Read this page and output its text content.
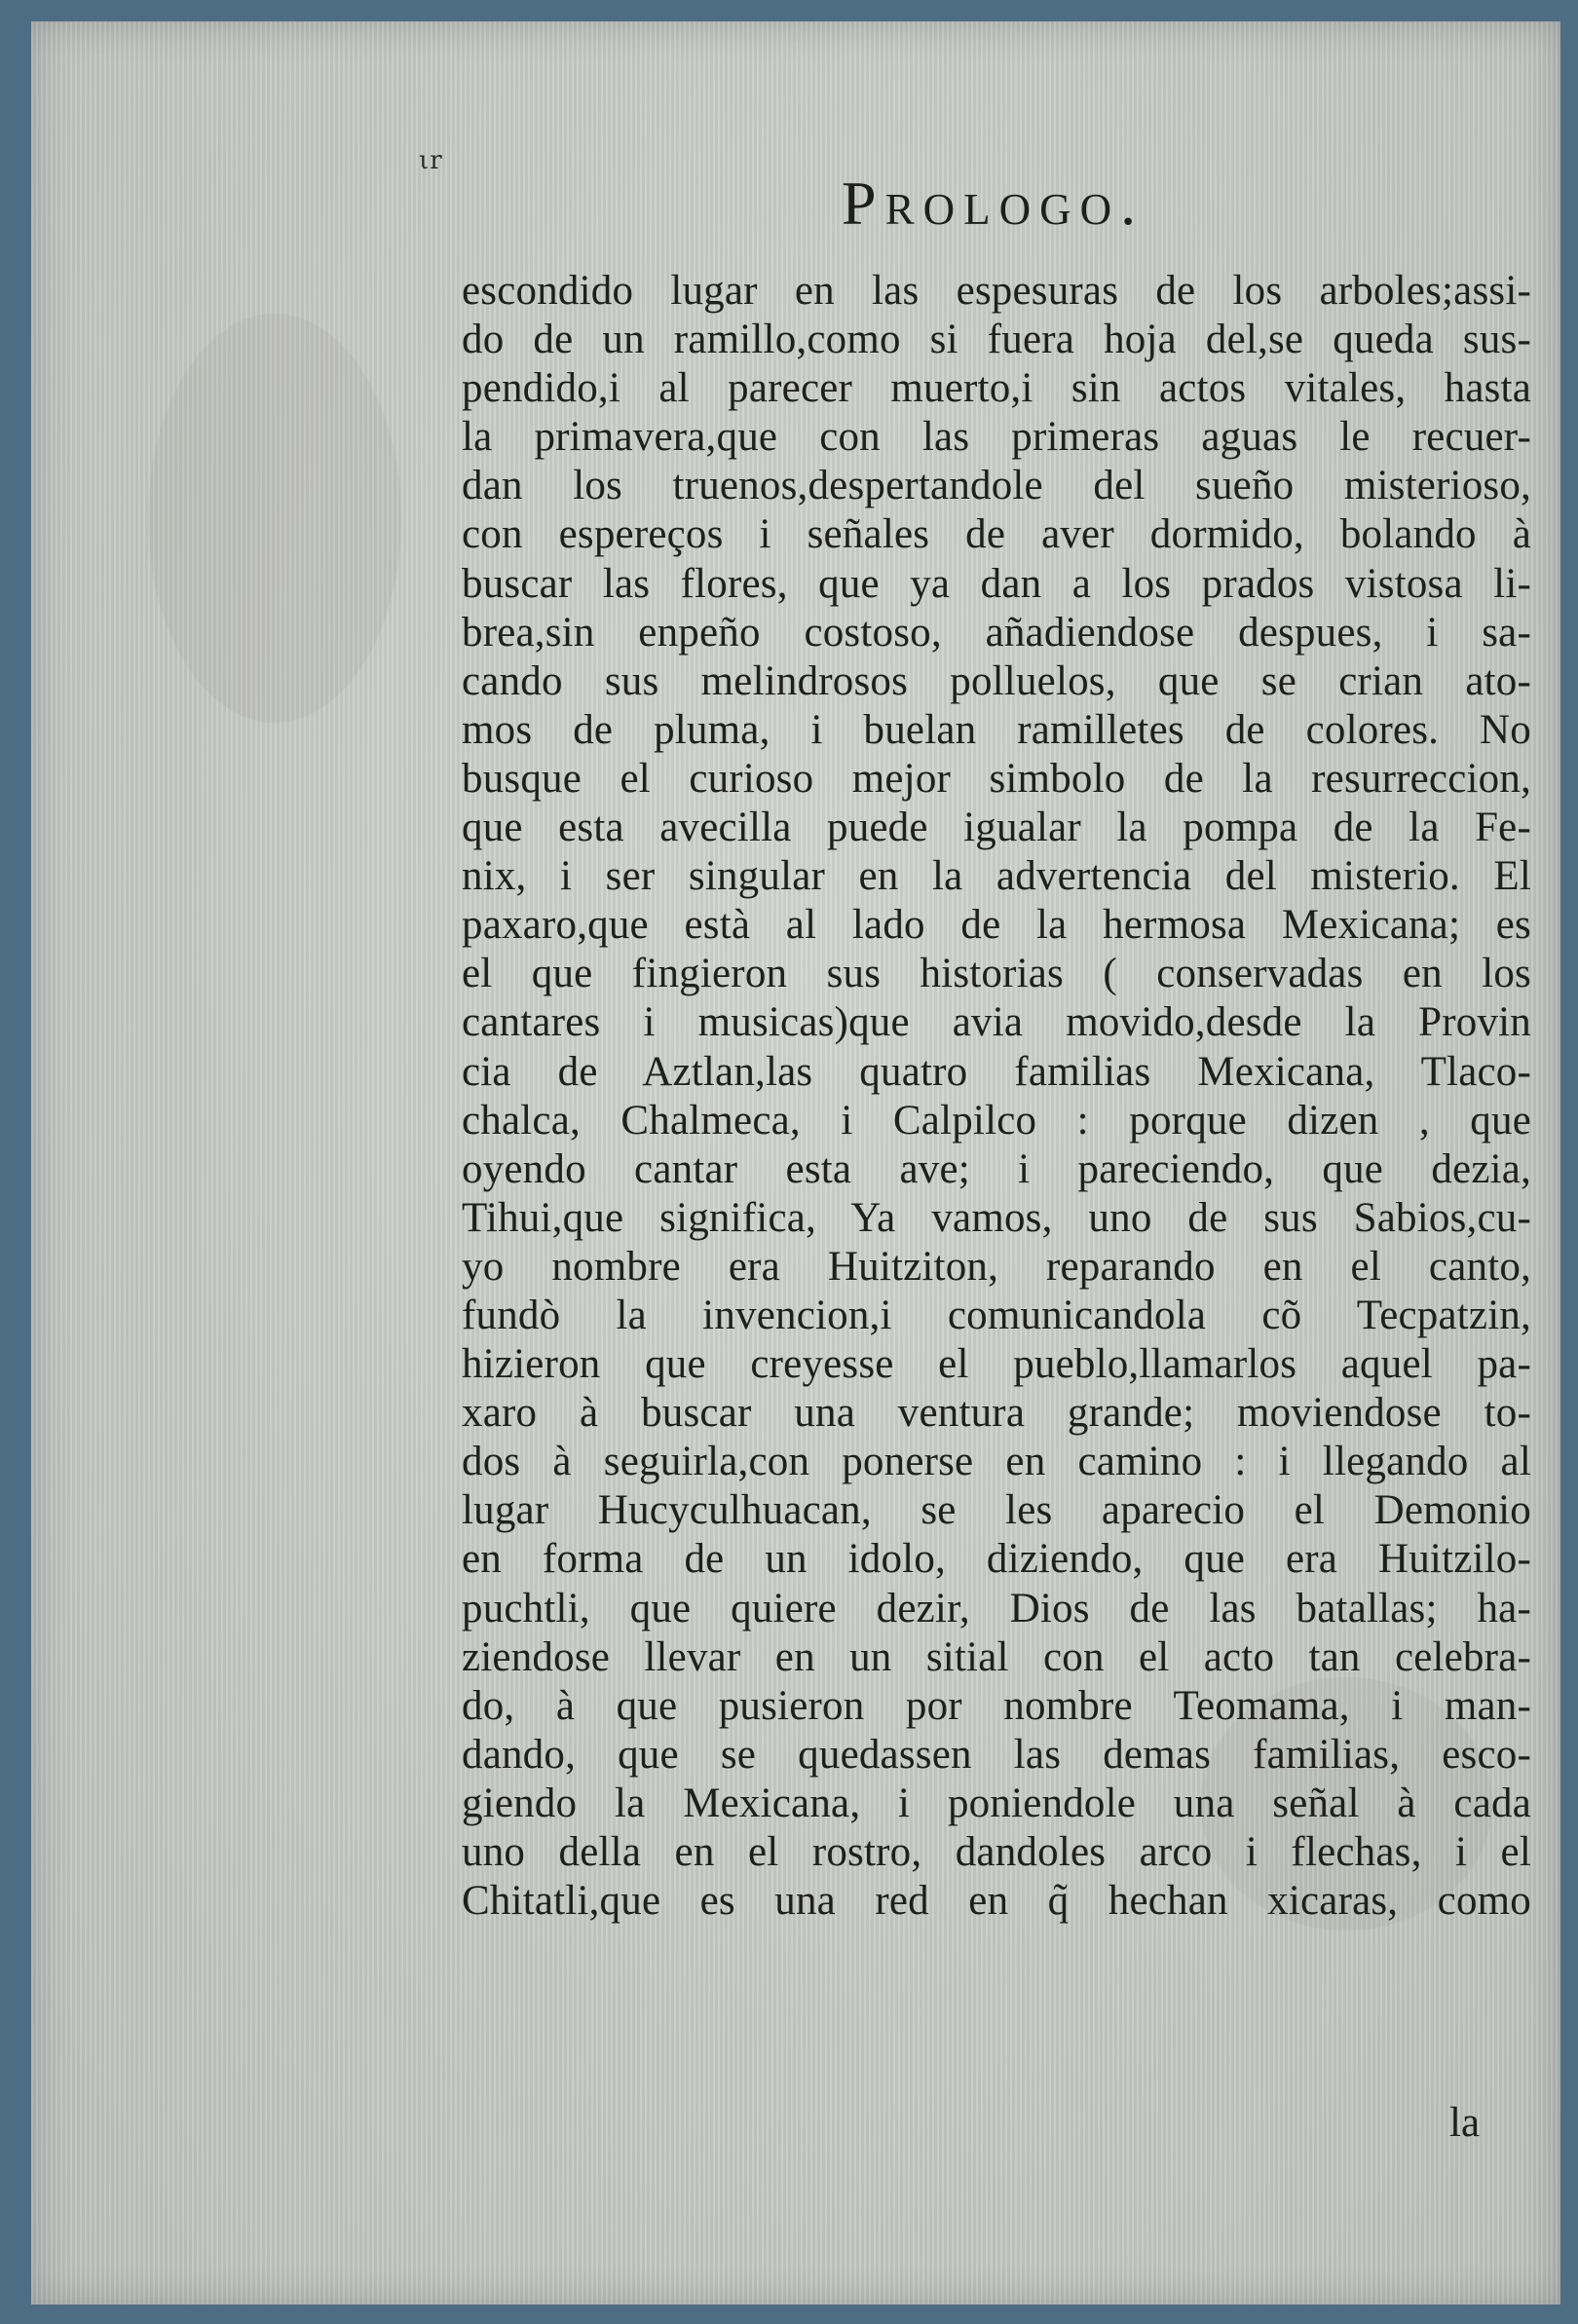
ιr
Prologo.
escondido lugar en las espesuras de los arboles;assi-
do de un ramillo,como si fuera hoja del,se queda sus-
pendido,i al parecer muerto,i sin actos vitales, hasta
la primavera,que con las primeras aguas le recuer-
dan los truenos,despertandole del sueño misterioso,
con espereços i señales de aver dormido, bolando à
buscar las flores, que ya dan a los prados vistosa li-
brea,sin enpeño costoso, añadiendose despues, i sa-
cando sus melindrosos polluelos, que se crian ato-
mos de pluma, i buelan ramilletes de colores. No
busque el curioso mejor simbolo de la resurreccion,
que esta avecilla puede igualar la pompa de la Fe-
nix, i ser singular en la advertencia del misterio. El
paxaro,que està al lado de la hermosa Mexicana; es
el que fingieron sus historias ( conservadas en los
cantares i musicas)que avia movido,desde la Provin
cia de Aztlan,las quatro familias Mexicana, Tlaco-
chalca, Chalmeca, i Calpilco : porque dizen , que
oyendo cantar esta ave; i pareciendo, que dezia,
Tihui,que significa, Ya vamos, uno de sus Sabios,cu-
yo nombre era Huitziton, reparando en el canto,
fundò la invencion,i comunicandola cõ Tecpatzin,
hizieron que creyesse el pueblo,llamarlos aquel pa-
xaro à buscar una ventura grande; moviendose to-
dos à seguirla,con ponerse en camino : i llegando al
lugar Hucyculhuacan, se les aparecio el Demonio
en forma de un idolo, diziendo, que era Huitzilo-
puchtli, que quiere dezir, Dios de las batallas; ha-
ziendose llevar en un sitial con el acto tan celebra-
do, à que pusieron por nombre Teomama, i man-
dando, que se quedassen las demas familias, esco-
giendo la Mexicana, i poniendole una señal à cada
uno della en el rostro, dandoles arco i flechas, i el
Chitatli,que es una red en q̃ hechan xicaras, como
la
